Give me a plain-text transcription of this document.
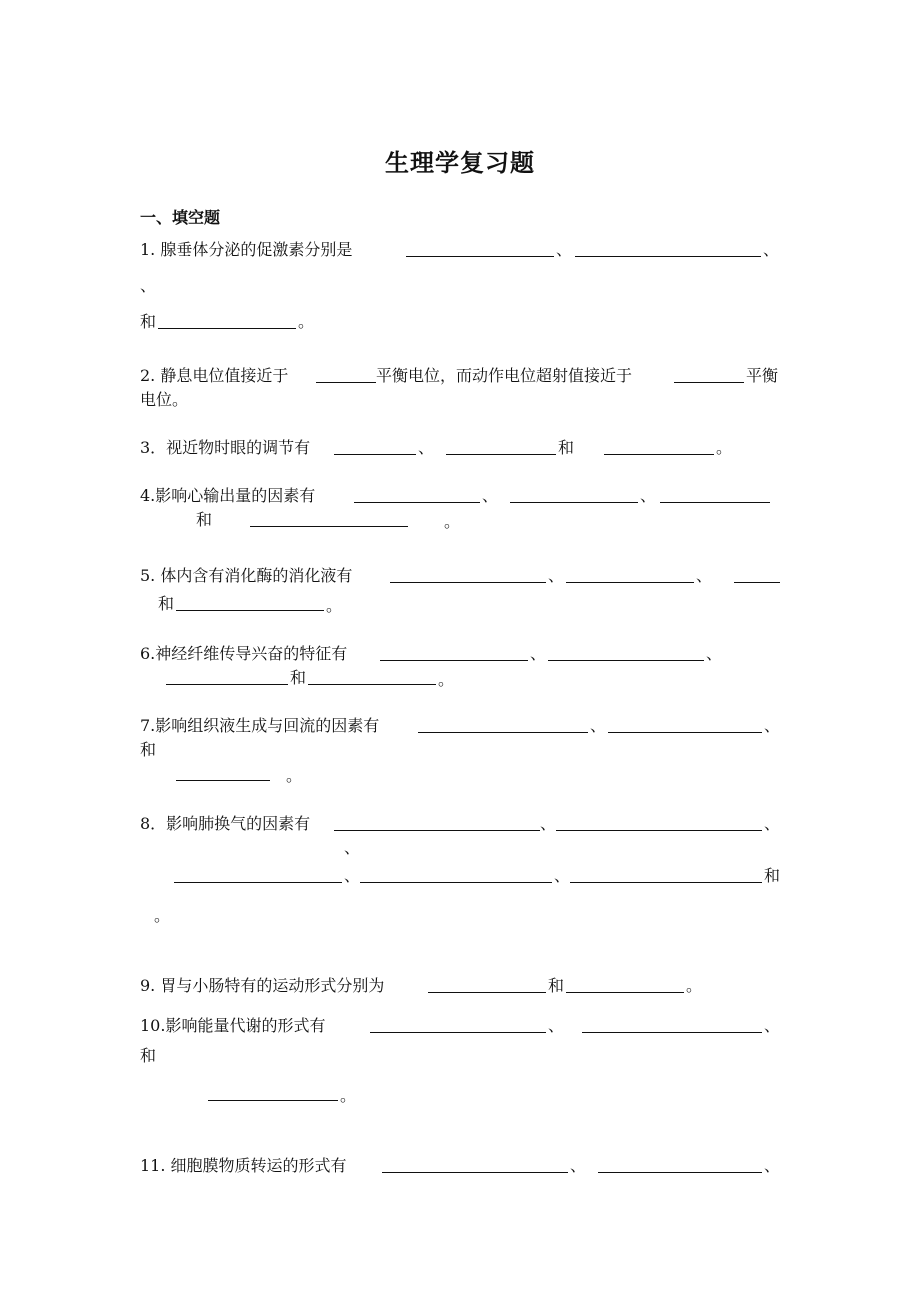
生理学复习题
一、填空题
1. 腺垂体分泌的促激素分别是	、	、
、
和	。
2. 静息电位值接近于	平衡电位，而动作电位超射值接近于	平衡
电位。
3．视近物时眼的调节有	、	和	。
4.影响心输出量的因素有	、	、
和	。
5. 体内含有消化酶的消化液有	、	、
和	。
6.神经纤维传导兴奋的特征有	、	、
和	。
7.影响组织液生成与回流的因素有	、	、
和
。
8．影响肺换气的因素有	、	、
、
、	、	和
。
9. 胃与小肠特有的运动形式分别为	和	。
10.影响能量代谢的形式有	、	、
和
。
11. 细胞膜物质转运的形式有	、	、
